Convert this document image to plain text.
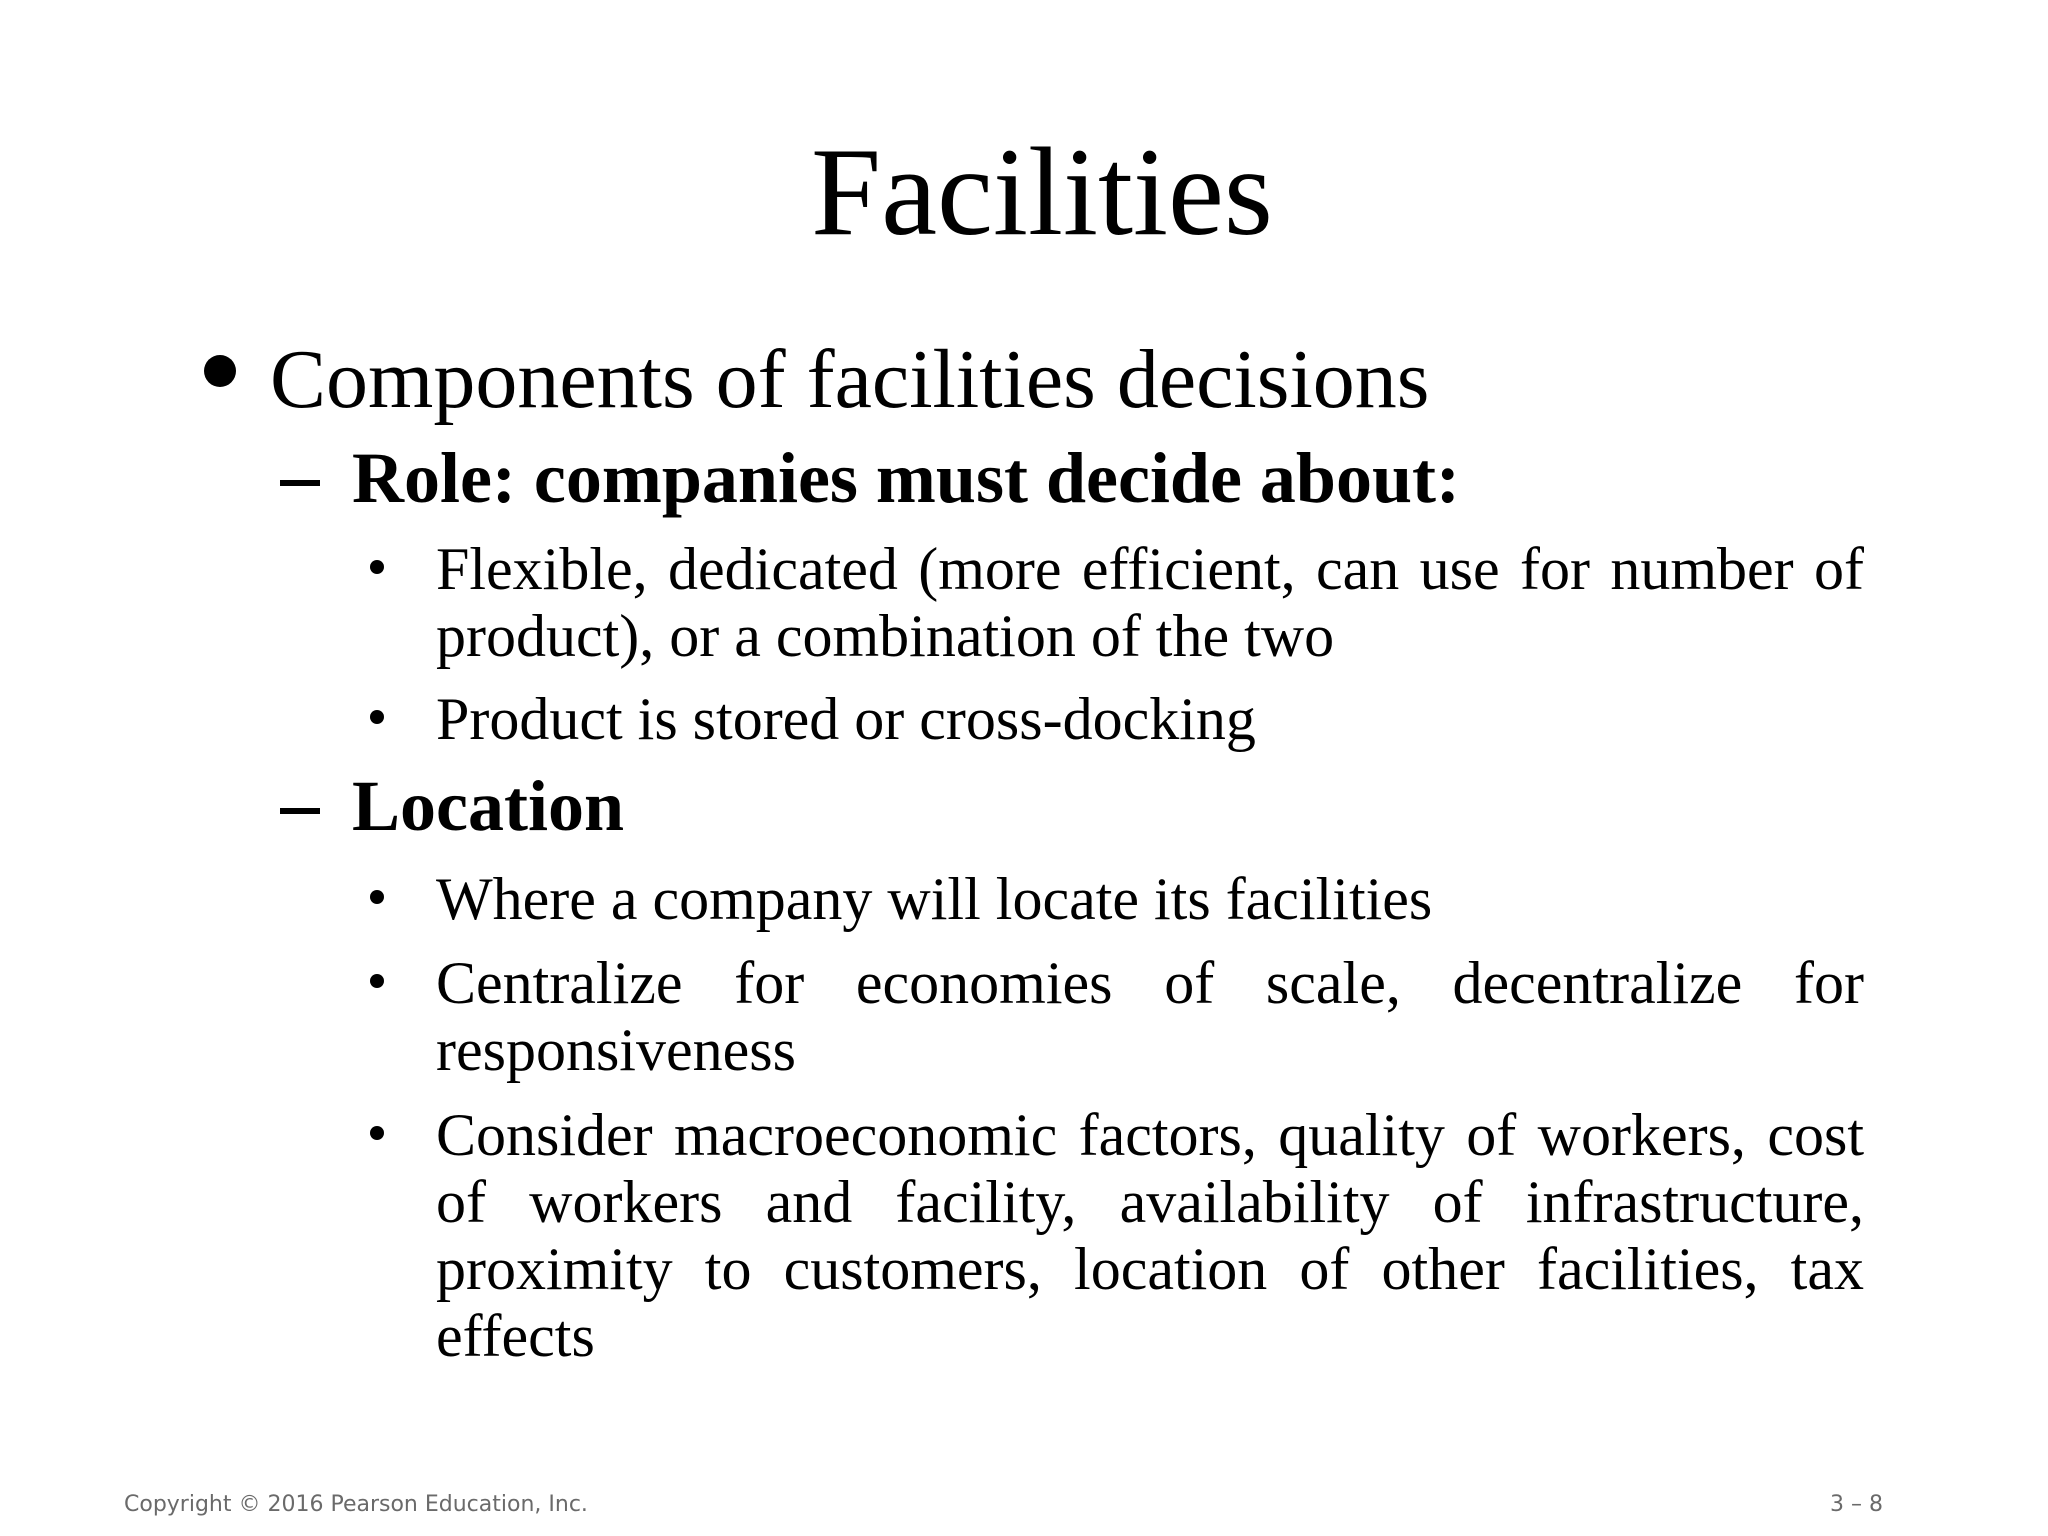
Facilities
Components of facilities decisions
Role: companies must decide about:
Flexible, dedicated (more efficient, can use for number of product), or a combination of the two
Product is stored or cross-docking
Location
Where a company will locate its facilities
Centralize for economies of scale, decentralize for responsiveness
Consider macroeconomic factors, quality of workers, cost of workers and facility, availability of infrastructure, proximity to customers, location of other facilities, tax effects
Copyright © 2016 Pearson Education, Inc.	3 – 8
